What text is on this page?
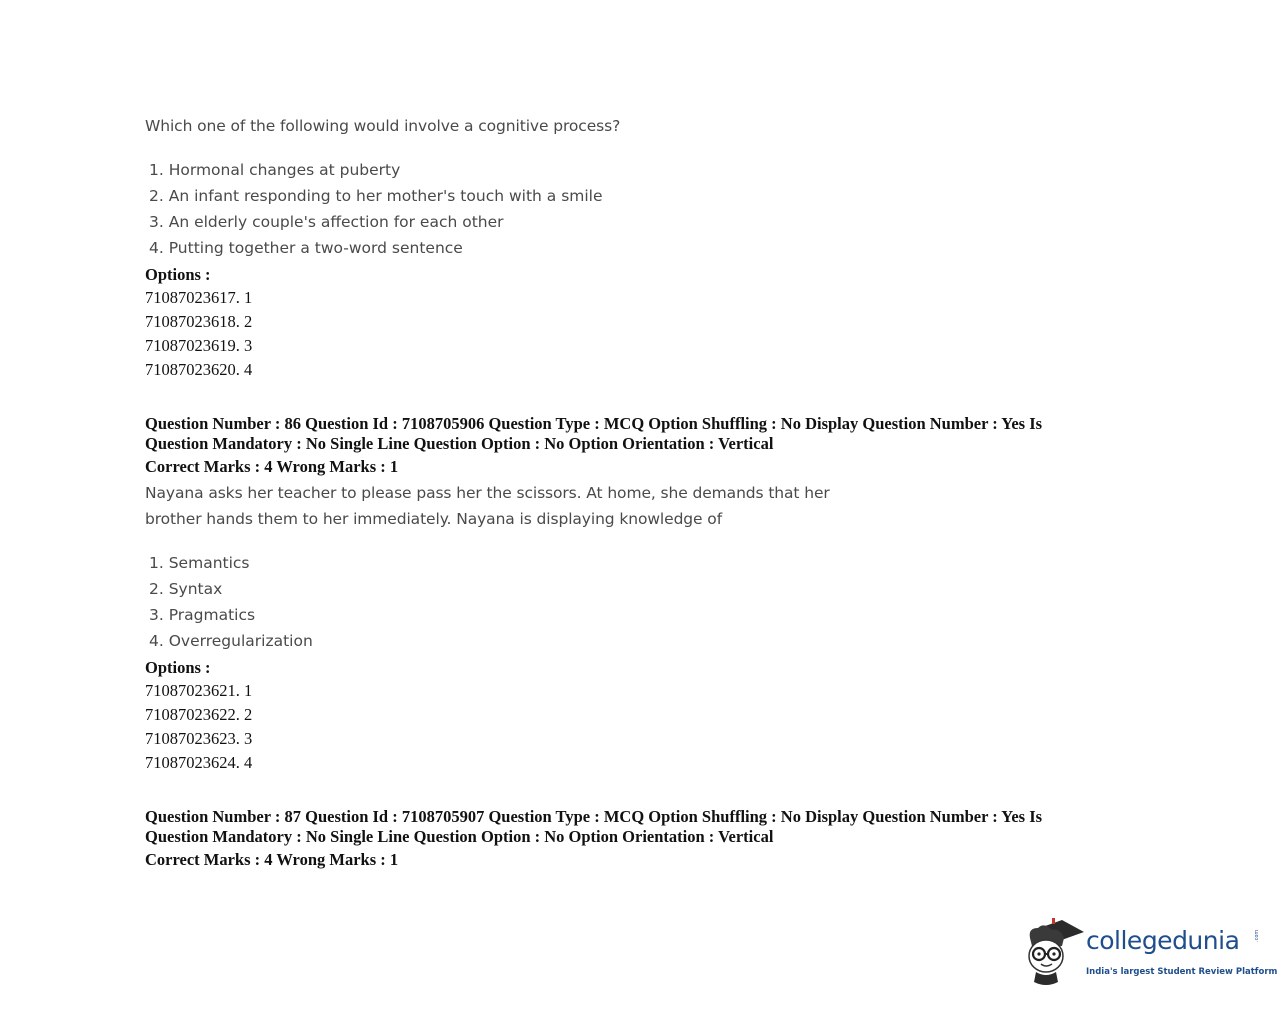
Which one of the following would involve a cognitive process?
1. Hormonal changes at puberty
2. An infant responding to her mother's touch with a smile
3. An elderly couple's affection for each other
4. Putting together a two-word sentence
Options :
71087023617. 1
71087023618. 2
71087023619. 3
71087023620. 4
Question Number : 86 Question Id : 7108705906 Question Type : MCQ Option Shuffling : No Display Question Number : Yes Is
Question Mandatory : No Single Line Question Option : No Option Orientation : Vertical
Correct Marks : 4 Wrong Marks : 1
Nayana asks her teacher to please pass her the scissors. At home, she demands that her
brother hands them to her immediately. Nayana is displaying knowledge of
1. Semantics
2. Syntax
3. Pragmatics
4. Overregularization
Options :
71087023621. 1
71087023622. 2
71087023623. 3
71087023624. 4
Question Number : 87 Question Id : 7108705907 Question Type : MCQ Option Shuffling : No Display Question Number : Yes Is
Question Mandatory : No Single Line Question Option : No Option Orientation : Vertical
Correct Marks : 4 Wrong Marks : 1
collegedunia	.com
India's largest Student Review Platform
